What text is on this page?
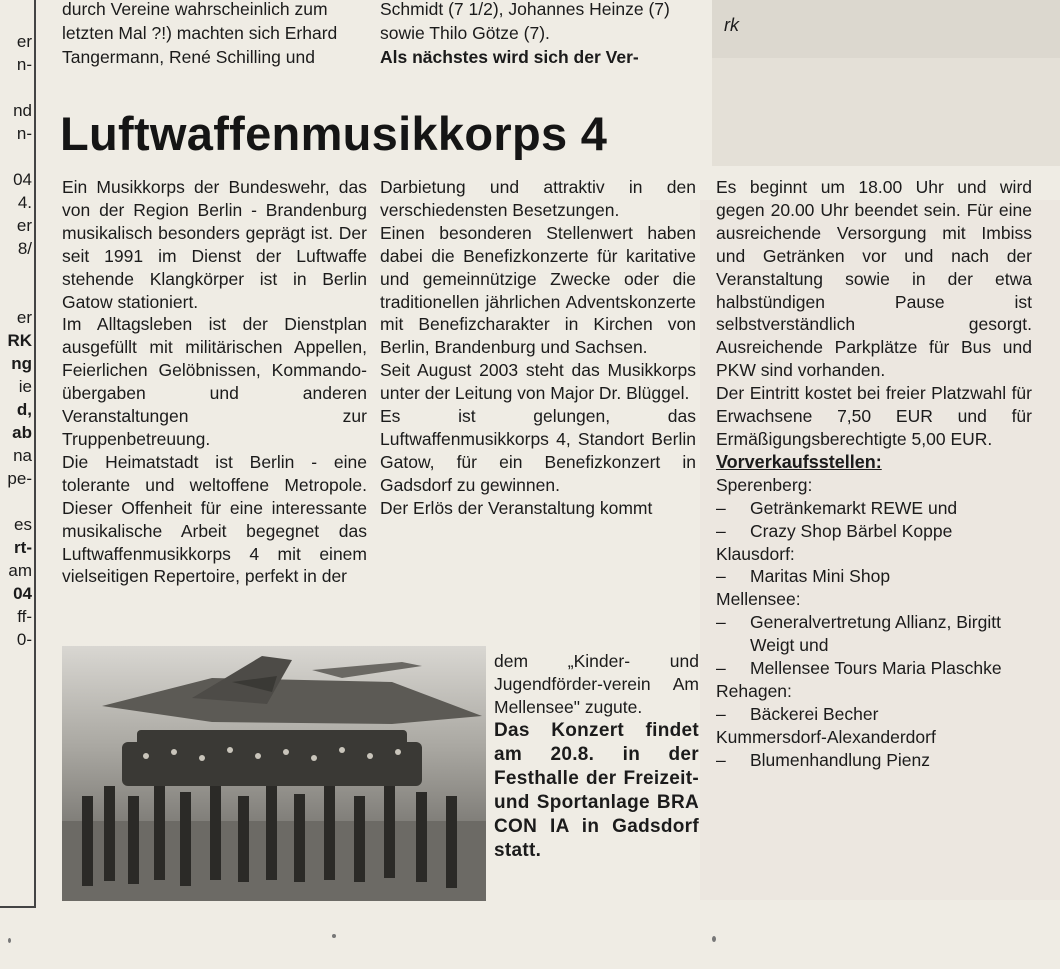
er
n-
nd
n-
04
4.
er
8/
er
RK
ng
ie
d,
ab
na
pe-
es
rt-
am
04
ff-
0-
durch Vereine wahrscheinlich zum
letzten Mal ?!) machten sich Erhard
Tangermann, René Schilling und
Schmidt (7 1/2), Johannes Heinze (7)
sowie Thilo Götze (7).
Als nächstes wird sich der Ver-
rk
Luftwaffenmusikkorps 4

Ein Musikkorps der Bundeswehr, das von der Region Berlin - Brandenburg musikalisch besonders geprägt ist. Der seit 1991 im Dienst der Luftwaffe stehende Klangkörper ist in Berlin Gatow stationiert.

Im Alltagsleben ist der Dienstplan ausgefüllt mit militärischen Appellen, Feierlichen Gelöbnissen, Kommando-übergaben und anderen Veranstaltungen zur Truppenbetreuung.

Die Heimatstadt ist Berlin - eine tolerante und weltoffene Metropole. Dieser Offenheit für eine interessante musikalische Arbeit begegnet das Luftwaffenmusikkorps 4 mit einem vielseitigen Repertoire, perfekt in der

Darbietung und attraktiv in den verschiedensten Besetzungen.

Einen besonderen Stellenwert haben dabei die Benefizkonzerte für karitative und gemeinnützige Zwecke oder die traditionellen jährlichen Adventskonzerte mit Benefizcharakter in Kirchen von Berlin, Brandenburg und Sachsen.

Seit August 2003 steht das Musikkorps unter der Leitung von Major Dr. Blüggel.

Es ist gelungen, das Luftwaffenmusikkorps 4, Standort Berlin Gatow, für ein Benefizkonzert in Gadsdorf zu gewinnen.

Der Erlös der Veranstaltung kommt

dem „Kinder- und Jugendförder-verein Am Mellensee" zugute.

Das Konzert findet am 20.8. in der Festhalle der Freizeit- und Sportanlage BRA CON IA in Gadsdorf statt.

Es beginnt um 18.00 Uhr und wird gegen 20.00 Uhr beendet sein. Für eine ausreichende Versorgung mit Imbiss und Getränken vor und nach der Veranstaltung sowie in der etwa halbstündigen Pause ist selbstverständlich gesorgt. Ausreichende Parkplätze für Bus und PKW sind vorhanden.

Der Eintritt kostet bei freier Platzwahl für Erwachsene 7,50 EUR und für Ermäßigungsberechtigte 5,00 EUR.

Vorverkaufsstellen:
Sperenberg:
–	Getränkemarkt REWE und
–	Crazy Shop Bärbel Koppe
Klausdorf:
–	Maritas Mini Shop
Mellensee:
–	Generalvertretung Allianz, Birgitt Weigt und
–	Mellensee Tours Maria Plaschke
Rehagen:
–	Bäckerei Becher
Kummersdorf-Alexanderdorf
–	Blumenhandlung Pienz
